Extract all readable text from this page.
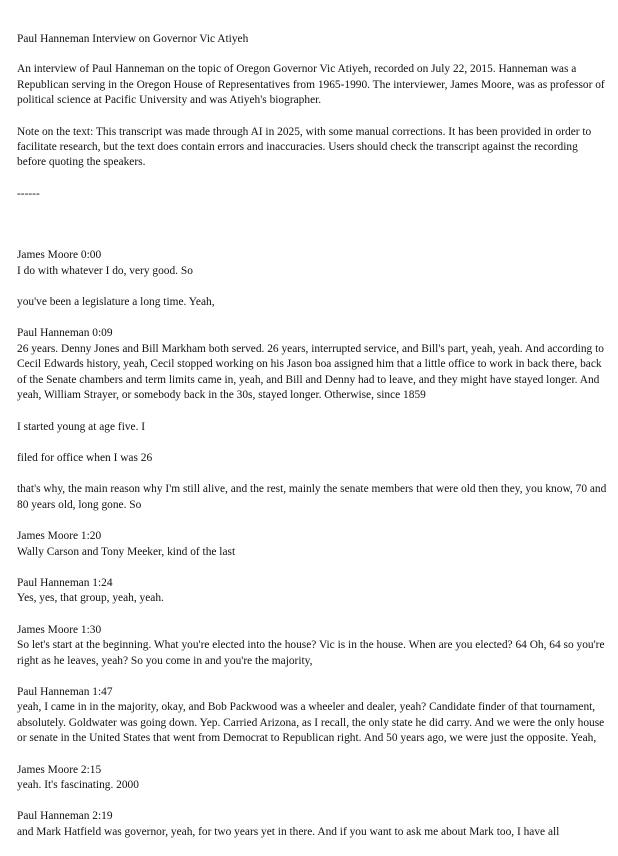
Paul Hanneman Interview on Governor Vic Atiyeh

An interview of Paul Hanneman on the topic of Oregon Governor Vic Atiyeh, recorded on July 22, 2015. Hanneman was a Republican serving in the Oregon House of Representatives from 1965-1990. The interviewer, James Moore, was as professor of political science at Pacific University and was Atiyeh's biographer.

Note on the text: This transcript was made through AI in 2025, with some manual corrections. It has been provided in order to facilitate research, but the text does contain errors and inaccuracies. Users should check the transcript against the recording before quoting the speakers.

------

James Moore 0:00
I do with whatever I do, very good. So
you've been a legislature a long time. Yeah,
Paul Hanneman 0:09
26 years. Denny Jones and Bill Markham both served. 26 years, interrupted service, and Bill's part, yeah, yeah. And according to Cecil Edwards history, yeah, Cecil stopped working on his Jason boa assigned him that a little office to work in back there, back of the Senate chambers and term limits came in, yeah, and Bill and Denny had to leave, and they might have stayed longer. And yeah, William Strayer, or somebody back in the 30s, stayed longer. Otherwise, since 1859
I started young at age five. I
filed for office when I was 26
that's why, the main reason why I'm still alive, and the rest, mainly the senate members that were old then they, you know, 70 and 80 years old, long gone. So
James Moore 1:20
Wally Carson and Tony Meeker, kind of the last
Paul Hanneman 1:24
Yes, yes, that group, yeah, yeah.
James Moore 1:30
So let's start at the beginning. What you're elected into the house? Vic is in the house. When are you elected? 64 Oh, 64 so you're right as he leaves, yeah? So you come in and you're the majority,
Paul Hanneman 1:47
yeah, I came in in the majority, okay, and Bob Packwood was a wheeler and dealer, yeah? Candidate finder of that tournament, absolutely. Goldwater was going down. Yep. Carried Arizona, as I recall, the only state he did carry. And we were the only house or senate in the United States that went from Democrat to Republican right. And 50 years ago, we were just the opposite. Yeah,
James Moore 2:15
yeah. It's fascinating. 2000
Paul Hanneman 2:19
and Mark Hatfield was governor, yeah, for two years yet in there. And if you want to ask me about Mark too, I have all
